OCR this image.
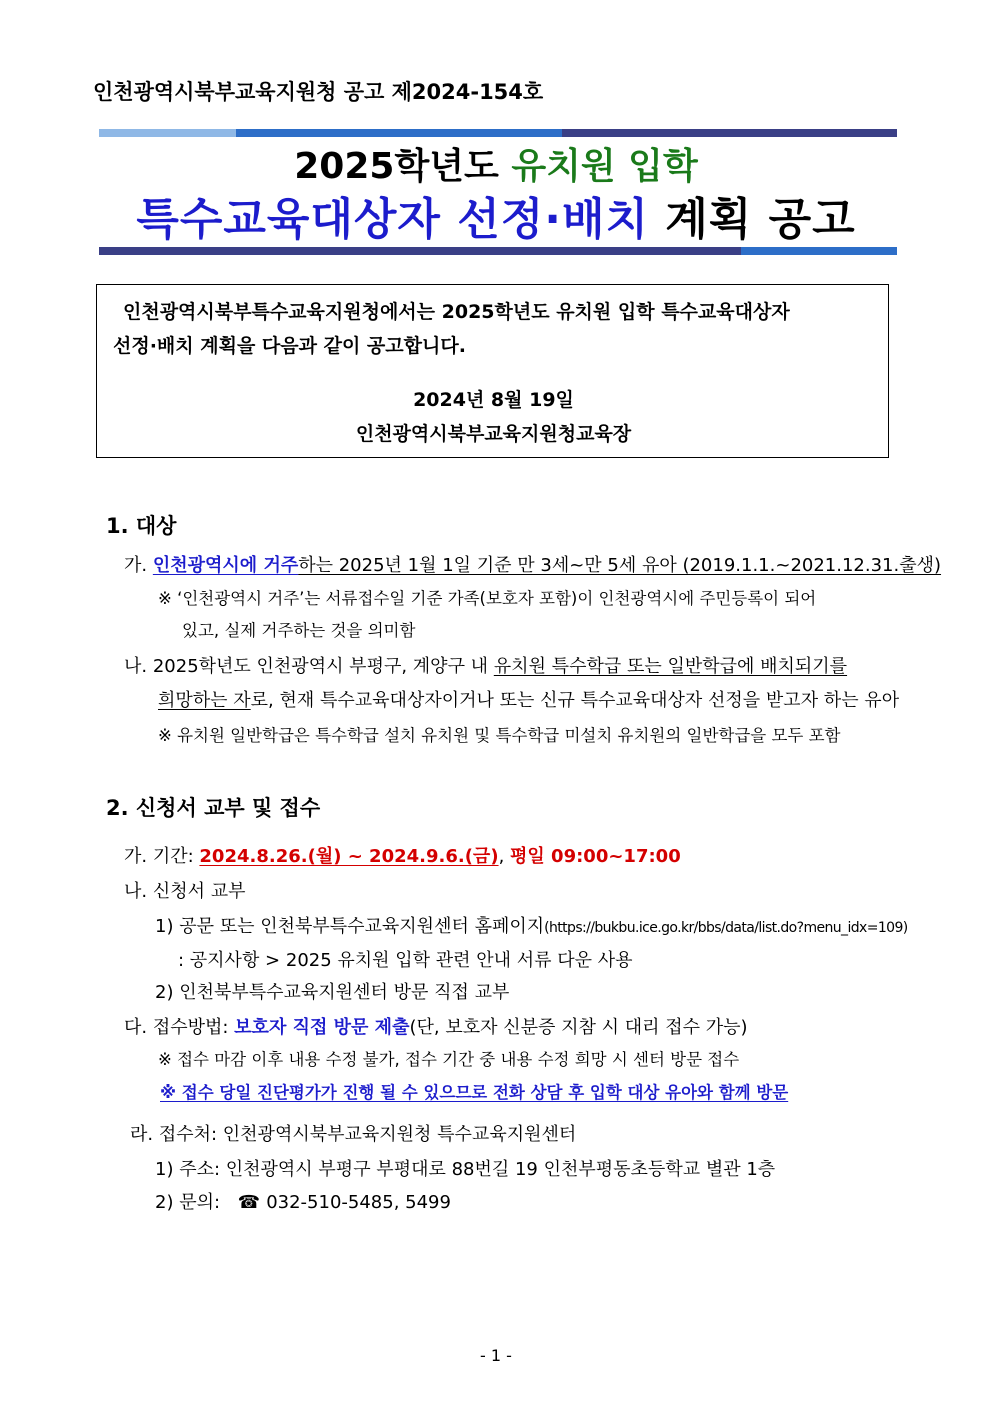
인천광역시북부교육지원청 공고 제2024-154호
2025학년도 유치원 입학
특수교육대상자 선정·배치 계획 공고
인천광역시북부특수교육지원청에서는 2025학년도 유치원 입학 특수교육대상자
선정·배치 계획을 다음과 같이 공고합니다.
2024년 8월 19일
인천광역시북부교육지원청교육장
1. 대상
가. 인천광역시에 거주하는 2025년 1월 1일 기준 만 3세~만 5세 유아 (2019.1.1.~2021.12.31.출생)
※ ‘인천광역시 거주’는 서류접수일 기준 가족(보호자 포함)이 인천광역시에 주민등록이 되어
있고, 실제 거주하는 것을 의미함
나. 2025학년도 인천광역시 부평구, 계양구 내 유치원 특수학급 또는 일반학급에 배치되기를
희망하는 자로, 현재 특수교육대상자이거나 또는 신규 특수교육대상자 선정을 받고자 하는 유아
※ 유치원 일반학급은 특수학급 설치 유치원 및 특수학급 미설치 유치원의 일반학급을 모두 포함
2. 신청서 교부 및 접수
가. 기간: 2024.8.26.(월) ~ 2024.9.6.(금), 평일 09:00~17:00
나. 신청서 교부
1) 공문 또는 인천북부특수교육지원센터 홈페이지(https://bukbu.ice.go.kr/bbs/data/list.do?menu_idx=109)
: 공지사항 > 2025 유치원 입학 관련 안내 서류 다운 사용
2) 인천북부특수교육지원센터 방문 직접 교부
다. 접수방법: 보호자 직접 방문 제출(단, 보호자 신분증 지참 시 대리 접수 가능)
※ 접수 마감 이후 내용 수정 불가, 접수 기간 중 내용 수정 희망 시 센터 방문 접수
※ 접수 당일 진단평가가 진행 될 수 있으므로 전화 상담 후 입학 대상 유아와 함께 방문
라. 접수처: 인천광역시북부교육지원청 특수교육지원센터
1) 주소: 인천광역시 부평구 부평대로 88번길 19 인천부평동초등학교 별관 1층
2) 문의: ☎ 032-510-5485, 5499
- 1 -
